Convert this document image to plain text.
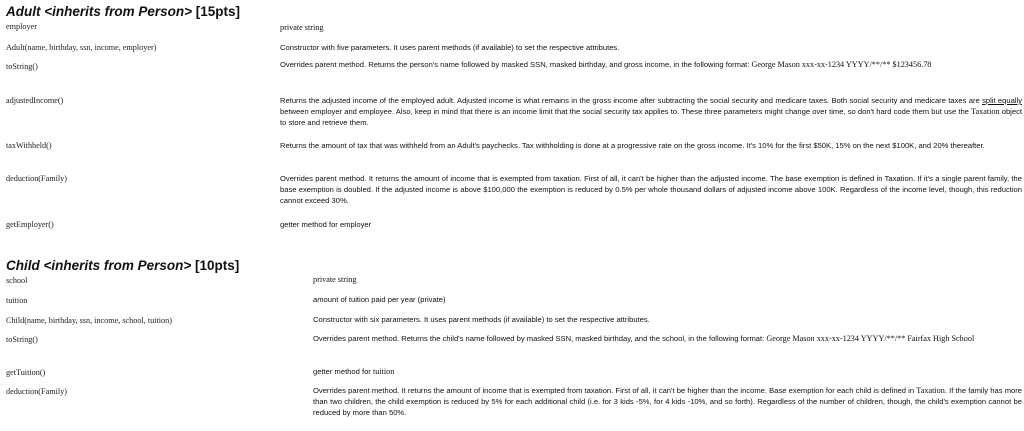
Adult <inherits from Person> [15pts]
employer	private string
Adult(name, birthday, ssn, income, employer)	Constructor with five parameters. It uses parent methods (if available) to set the respective attributes.
toString()	Overrides parent method. Returns the person's name followed by masked SSN, masked birthday, and gross income, in the following format: George Mason xxx-xx-1234 YYYY/**/** $123456.78
adjustedIncome()	Returns the adjusted income of the employed adult. Adjusted income is what remains in the gross income after subtracting the social security and medicare taxes. Both social security and medicare taxes are split equally between employer and employee. Also, keep in mind that there is an income limit that the social security tax applies to. These three parameters might change over time, so don't hard code them but use the Taxation object to store and retrieve them.
taxWithheld()	Returns the amount of tax that was withheld from an Adult's paychecks. Tax withholding is done at a progressive rate on the gross income. It's 10% for the first $50K, 15% on the next $100K, and 20% thereafter.
deduction(Family)	Overrides parent method. It returns the amount of income that is exempted from taxation. First of all, it can't be higher than the adjusted income. The base exemption is defined in Taxation. If it's a single parent family, the base exemption is doubled. If the adjusted income is above $100,000 the exemption is reduced by 0.5% per whole thousand dollars of adjusted income above 100K. Regardless of the income level, though, this reduction cannot exceed 30%.
getEmployer()	getter method for employer
Child <inherits from Person> [10pts]
school	private string
tuition	amount of tuition paid per year (private)
Child(name, birthday, ssn, income, school, tuition)	Constructor with six parameters. It uses parent methods (if available) to set the respective attributes.
toString()	Overrides parent method. Returns the child's name followed by masked SSN, masked birthday, and the school, in the following format: George Mason xxx-xx-1234 YYYY/**/** Fairfax High School
getTuition()	getter method for tuition
deduction(Family)	Overrides parent method. It returns the amount of income that is exempted from taxation. First of all, it can't be higher than the income. Base exemption for each child is defined in Taxation. If the family has more than two children, the child exemption is reduced by 5% for each additional child (i.e. for 3 kids -5%, for 4 kids -10%, and so forth). Regardless of the number of children, though, the child's exemption cannot be reduced by more than 50%.
